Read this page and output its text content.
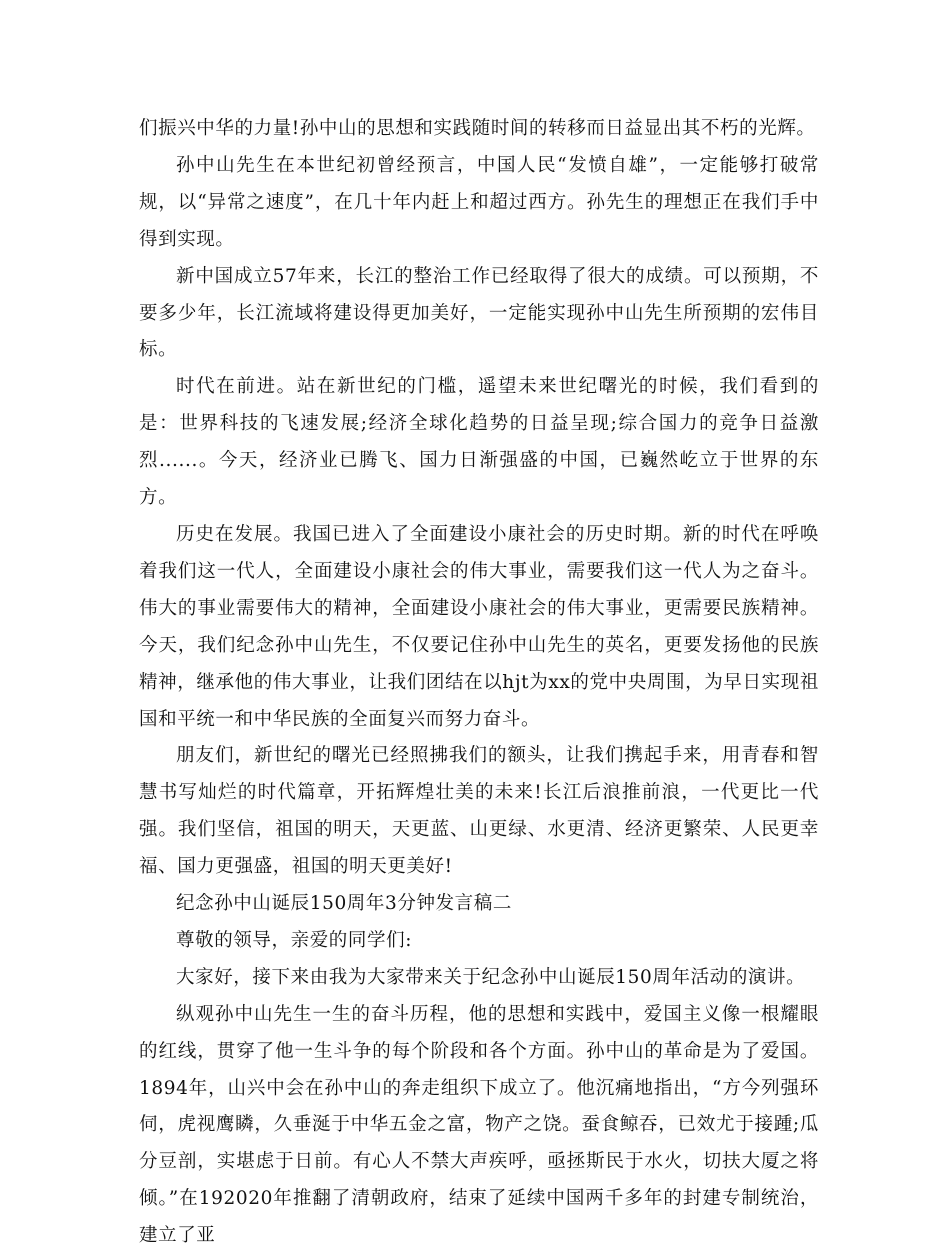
们振兴中华的力量!孙中山的思想和实践随时间的转移而日益显出其不朽的光辉。

孙中山先生在本世纪初曾经预言，中国人民“发愤自雄”，一定能够打破常规，以“异常之速度”，在几十年内赶上和超过西方。孙先生的理想正在我们手中得到实现。

新中国成立57年来，长江的整治工作已经取得了很大的成绩。可以预期，不要多少年，长江流域将建设得更加美好，一定能实现孙中山先生所预期的宏伟目标。

时代在前进。站在新世纪的门槛，遥望未来世纪曙光的时候，我们看到的是：世界科技的飞速发展;经济全球化趋势的日益呈现;综合国力的竞争日益激烈......。今天，经济业已腾飞、国力日渐强盛的中国，已巍然屹立于世界的东方。

历史在发展。我国已进入了全面建设小康社会的历史时期。新的时代在呼唤着我们这一代人，全面建设小康社会的伟大事业，需要我们这一代人为之奋斗。伟大的事业需要伟大的精神，全面建设小康社会的伟大事业，更需要民族精神。今天，我们纪念孙中山先生，不仅要记住孙中山先生的英名，更要发扬他的民族精神，继承他的伟大事业，让我们团结在以hjt为xx的党中央周围，为早日实现祖国和平统一和中华民族的全面复兴而努力奋斗。

朋友们，新世纪的曙光已经照拂我们的额头，让我们携起手来，用青春和智慧书写灿烂的时代篇章，开拓辉煌壮美的未来!长江后浪推前浪，一代更比一代强。我们坚信，祖国的明天，天更蓝、山更绿、水更清、经济更繁荣、人民更幸福、国力更强盛，祖国的明天更美好!

纪念孙中山诞辰150周年3分钟发言稿二

尊敬的领导，亲爱的同学们:

大家好，接下来由我为大家带来关于纪念孙中山诞辰150周年活动的演讲。

纵观孙中山先生一生的奋斗历程，他的思想和实践中，爱国主义像一根耀眼的红线，贯穿了他一生斗争的每个阶段和各个方面。孙中山的革命是为了爱国。1894年，山兴中会在孙中山的奔走组织下成立了。他沉痛地指出，“方今列强环伺，虎视鹰瞵，久垂涎于中华五金之富，物产之饶。蚕食鲸吞，已效尤于接踵;瓜分豆剖，实堪虑于日前。有心人不禁大声疾呼，亟拯斯民于水火，切扶大厦之将倾。”在192020年推翻了清朝政府，结束了延续中国两千多年的封建专制统治，建立了亚
